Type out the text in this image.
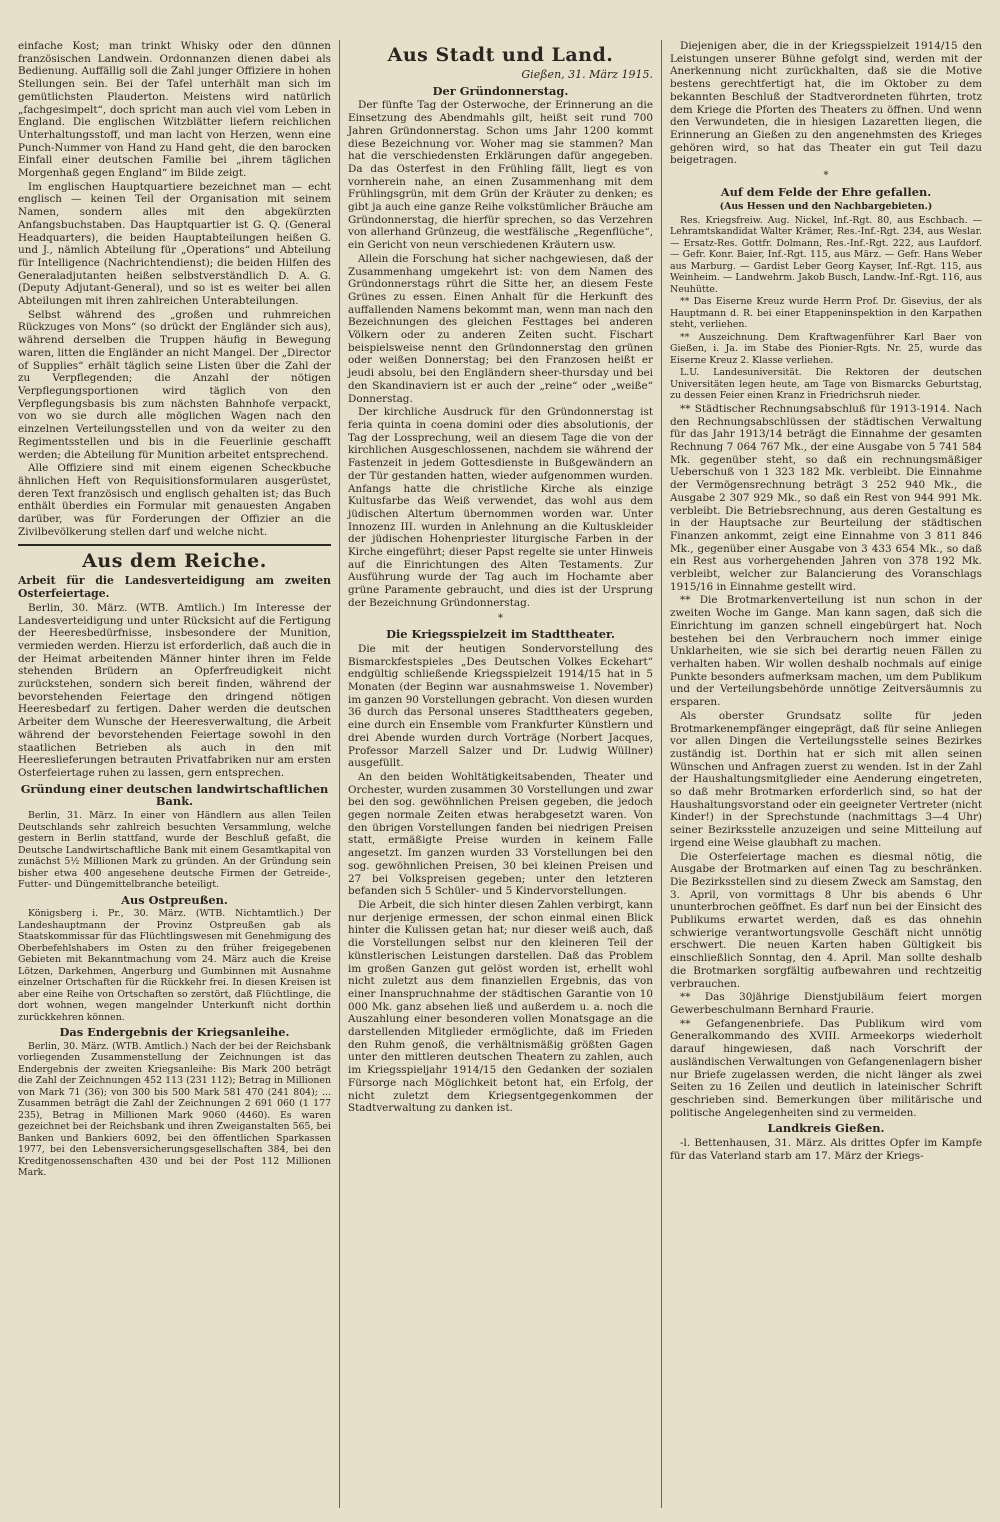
einfache Kost; man trinkt Whisky oder den dünnen französischen Landwein. Ordonnanzen dienen dabei als Bedienung. Auffällig soll die Zahl junger Offiziere in hohen Stellungen sein. Bei der Tafel unterhält man sich im gemütlichsten Plauderton. Meistens wird natürlich „fachgesimpelt“, doch spricht man auch viel vom Leben in England. Die englischen Witzblätter liefern reichlichen Unterhaltungsstoff, und man lacht von Herzen, wenn eine Punch-Nummer von Hand zu Hand geht, die den barocken Einfall einer deutschen Familie bei „ihrem täglichen Morgenhaß gegen England“ im Bilde zeigt.

Im englischen Hauptquartiere bezeichnet man — echt englisch — keinen Teil der Organisation mit seinem Namen, sondern alles mit den abgekürzten Anfangsbuchstaben. Das Hauptquartier ist G. Q. (General Headquarters), die beiden Hauptabteilungen heißen G. und J., nämlich Abteilung für „Operations“ und Abteilung für Intelligence (Nachrichtendienst); die beiden Hilfen des Generaladjutanten heißen selbstverständlich D. A. G. (Deputy Adjutant-General), und so ist es weiter bei allen Abteilungen mit ihren zahlreichen Unterabteilungen.

Selbst während des „großen und ruhmreichen Rückzuges von Mons“ (so drückt der Engländer sich aus), während derselben die Truppen häufig in Bewegung waren, litten die Engländer an nicht Mangel. Der „Director of Supplies“ erhält täglich seine Listen über die Zahl der zu Verpflegenden; die Anzahl der nötigen Verpflegungsportionen wird täglich von den Verpflegungsbasis bis zum nächsten Bahnhofe verpackt, von wo sie durch alle möglichen Wagen nach den einzelnen Verteilungsstellen und von da weiter zu den Regimentsstellen und bis in die Feuerlinie geschafft werden; die Abteilung für Munition arbeitet entsprechend.

Alle Offiziere sind mit einem eigenen Scheckbuche ähnlichen Heft von Requisitionsformularen ausgerüstet, deren Text französisch und englisch gehalten ist; das Buch enthält überdies ein Formular mit genauesten Angaben darüber, was für Forderungen der Offizier an die Zivilbevölkerung stellen darf und welche nicht.

Aus dem Reiche.

Arbeit für die Landesverteidigung am zweiten Osterfeiertage.

Berlin, 30. März. (WTB. Amtlich.) Im Interesse der Landesverteidigung und unter Rücksicht auf die Fertigung der Heeresbedürfnisse, insbesondere der Munition, vermieden werden. Hierzu ist erforderlich, daß auch die in der Heimat arbeitenden Männer hinter ihren im Felde stehenden Brüdern an Opferfreudigkeit nicht zurückstehen, sondern sich bereit finden, während der bevorstehenden Feiertage den dringend nötigen Heeresbedarf zu fertigen. Daher werden die deutschen Arbeiter dem Wunsche der Heeresverwaltung, die Arbeit während der bevorstehenden Feiertage sowohl in den staatlichen Betrieben als auch in den mit Heereslieferungen betrauten Privatfabriken nur am ersten Osterfeiertage ruhen zu lassen, gern entsprechen.

Gründung einer deutschen landwirtschaftlichen Bank.

Berlin, 31. März. In einer von Händlern aus allen Teilen Deutschlands sehr zahlreich besuchten Versammlung, welche gestern in Berlin stattfand, wurde der Beschluß gefaßt, die Deutsche Landwirtschaftliche Bank mit einem Gesamtkapital von zunächst 5½ Millionen Mark zu gründen. An der Gründung sein bisher etwa 400 angesehene deutsche Firmen der Getreide-, Futter- und Düngemittelbranche beteiligt.

Aus Ostpreußen.

Königsberg i. Pr., 30. März. (WTB. Nichtamtlich.) Der Landeshauptmann der Provinz Ostpreußen gab als Staatskommissar für das Flüchtlingswesen mit Genehmigung des Oberbefehlshabers im Osten zu den früher freigegebenen Gebieten mit Bekanntmachung vom 24. März auch die Kreise Lötzen, Darkehmen, Angerburg und Gumbinnen mit Ausnahme einzelner Ortschaften für die Rückkehr frei. In diesen Kreisen ist aber eine Reihe von Ortschaften so zerstört, daß Flüchtlinge, die dort wohnen, wegen mangelnder Unterkunft nicht dorthin zurückkehren können.

Das Endergebnis der Kriegsanleihe.

Berlin, 30. März. (WTB. Amtlich.) Nach der bei der Reichsbank vorliegenden Zusammenstellung der Zeichnungen ist das Endergebnis der zweiten Kriegsanleihe: Bis Mark 200 beträgt die Zahl der Zeichnungen 452 113 (231 112); Betrag in Millionen von Mark 71 (36); von 300 bis 500 Mark 581 470 (241 804); ... Zusammen beträgt die Zahl der Zeichnungen 2 691 060 (1 177 235), Betrag in Millionen Mark 9060 (4460). Es waren gezeichnet bei der Reichsbank und ihren Zweiganstalten 565, bei Banken und Bankiers 6092, bei den öffentlichen Sparkassen 1977, bei den Lebensversicherungsgesellschaften 384, bei den Kreditgenossenschaften 430 und bei der Post 112 Millionen Mark.

Aus Stadt und Land.
Gießen, 31. März 1915.
Der Gründonnerstag.

Der fünfte Tag der Osterwoche, der Erinnerung an die Einsetzung des Abendmahls gilt, heißt seit rund 700 Jahren Gründonnerstag. Schon ums Jahr 1200 kommt diese Bezeichnung vor. Woher mag sie stammen? Man hat die verschiedensten Erklärungen dafür angegeben. Da das Osterfest in den Frühling fällt, liegt es von vornherein nahe, an einen Zusammenhang mit dem Frühlingsgrün, mit dem Grün der Kräuter zu denken; es gibt ja auch eine ganze Reihe volkstümlicher Bräuche am Gründonnerstag, die hierfür sprechen, so das Verzehren von allerhand Grünzeug, die westfälische „Regenflüche“, ein Gericht von neun verschiedenen Kräutern usw.

Allein die Forschung hat sicher nachgewiesen, daß der Zusammenhang umgekehrt ist: von dem Namen des Gründonnerstags rührt die Sitte her, an diesem Feste Grünes zu essen. Einen Anhalt für die Herkunft des auffallenden Namens bekommt man, wenn man nach den Bezeichnungen des gleichen Festtages bei anderen Völkern oder zu anderen Zeiten sucht. Fischart beispielsweise nennt den Gründonnerstag den grünen oder weißen Donnerstag; bei den Franzosen heißt er jeudi absolu, bei den Engländern sheer-thursday und bei den Skandinaviern ist er auch der „reine“ oder „weiße“ Donnerstag.

Der kirchliche Ausdruck für den Gründonnerstag ist feria quinta in coena domini oder dies absolutionis, der Tag der Lossprechung, weil an diesem Tage die von der kirchlichen Ausgeschlossenen, nachdem sie während der Fastenzeit in jedem Gottesdienste in Bußgewändern an der Tür gestanden hatten, wieder aufgenommen wurden. Anfangs hatte die christliche Kirche als einzige Kultusfarbe das Weiß verwendet, das wohl aus dem jüdischen Altertum übernommen worden war. Unter Innozenz III. wurden in Anlehnung an die Kultuskleider der jüdischen Hohenpriester liturgische Farben in der Kirche eingeführt; dieser Papst regelte sie unter Hinweis auf die Einrichtungen des Alten Testaments. Zur Ausführung wurde der Tag auch im Hochamte aber grüne Paramente gebraucht, und dies ist der Ursprung der Bezeichnung Gründonnerstag.

*
Die Kriegsspielzeit im Stadttheater.

Die mit der heutigen Sondervorstellung des Bismarckfestspieles „Des Deutschen Volkes Eckehart“ endgültig schließende Kriegsspielzeit 1914/15 hat in 5 Monaten (der Beginn war ausnahmsweise 1. November) im ganzen 90 Vorstellungen gebracht. Von diesen wurden 36 durch das Personal unseres Stadttheaters gegeben, eine durch ein Ensemble vom Frankfurter Künstlern und drei Abende wurden durch Vorträge (Norbert Jacques, Professor Marzell Salzer und Dr. Ludwig Wüllner) ausgefüllt.

An den beiden Wohltätigkeitsabenden, Theater und Orchester, wurden zusammen 30 Vorstellungen und zwar bei den sog. gewöhnlichen Preisen gegeben, die jedoch gegen normale Zeiten etwas herabgesetzt waren. Von den übrigen Vorstellungen fanden bei niedrigen Preisen statt, ermäßigte Preise wurden in keinem Falle angesetzt. Im ganzen wurden 33 Vorstellungen bei den sog. gewöhnlichen Preisen, 30 bei kleinen Preisen und 27 bei Volkspreisen gegeben; unter den letzteren befanden sich 5 Schüler- und 5 Kindervorstellungen.

Die Arbeit, die sich hinter diesen Zahlen verbirgt, kann nur derjenige ermessen, der schon einmal einen Blick hinter die Kulissen getan hat; nur dieser weiß auch, daß die Vorstellungen selbst nur den kleineren Teil der künstlerischen Leistungen darstellen. Daß das Problem im großen Ganzen gut gelöst worden ist, erhellt wohl nicht zuletzt aus dem finanziellen Ergebnis, das von einer Inanspruchnahme der städtischen Garantie von 10 000 Mk. ganz absehen ließ und außerdem u. a. noch die Auszahlung einer besonderen vollen Monatsgage an die darstellenden Mitglieder ermöglichte, daß im Frieden den Ruhm genoß, die verhältnismäßig größten Gagen unter den mittleren deutschen Theatern zu zahlen, auch im Kriegsspieljahr 1914/15 den Gedanken der sozialen Fürsorge nach Möglichkeit betont hat, ein Erfolg, der nicht zuletzt dem Kriegsentgegenkommen der Stadtverwaltung zu danken ist.

Diejenigen aber, die in der Kriegsspielzeit 1914/15 den Leistungen unserer Bühne gefolgt sind, werden mit der Anerkennung nicht zurückhalten, daß sie die Motive bestens gerechtfertigt hat, die im Oktober zu dem bekannten Beschluß der Stadtverordneten führten, trotz dem Kriege die Pforten des Theaters zu öffnen. Und wenn den Verwundeten, die in hiesigen Lazaretten liegen, die Erinnerung an Gießen zu den angenehmsten des Krieges gehören wird, so hat das Theater ein gut Teil dazu beigetragen.

*
Auf dem Felde der Ehre gefallen.
(Aus Hessen und den Nachbargebieten.)

Res. Kriegsfreiw. Aug. Nickel, Inf.-Rgt. 80, aus Eschbach. — Lehramtskandidat Walter Krämer, Res.-Inf.-Rgt. 234, aus Weslar. — Ersatz-Res. Gottfr. Dolmann, Res.-Inf.-Rgt. 222, aus Laufdorf. — Gefr. Konr. Baier, Inf.-Rgt. 115, aus März. — Gefr. Hans Weber aus Marburg. — Gardist Leber Georg Kayser, Inf.-Rgt. 115, aus Weinheim. — Landwehrm. Jakob Busch, Landw.-Inf.-Rgt. 116, aus Neuhütte.

** Das Eiserne Kreuz wurde Herrn Prof. Dr. Gisevius, der als Hauptmann d. R. bei einer Etappeninspektion in den Karpathen steht, verliehen.

** Auszeichnung. Dem Kraftwagenführer Karl Baer von Gießen, i. Ja. im Stabe des Pionier-Rgts. Nr. 25, wurde das Eiserne Kreuz 2. Klasse verliehen.

L.U. Landesuniversität. Die Rektoren der deutschen Universitäten legen heute, am Tage von Bismarcks Geburtstag, zu dessen Feier einen Kranz in Friedrichsruh nieder.

** Städtischer Rechnungsabschluß für 1913-1914. Nach den Rechnungsabschlüssen der städtischen Verwaltung für das Jahr 1913/14 beträgt die Einnahme der gesamten Rechnung 7 064 767 Mk., der eine Ausgabe von 5 741 584 Mk. gegenüber steht, so daß ein rechnungsmäßiger Ueberschuß von 1 323 182 Mk. verbleibt. Die Einnahme der Vermögensrechnung beträgt 3 252 940 Mk., die Ausgabe 2 307 929 Mk., so daß ein Rest von 944 991 Mk. verbleibt. Die Betriebsrechnung, aus deren Gestaltung es in der Hauptsache zur Beurteilung der städtischen Finanzen ankommt, zeigt eine Einnahme von 3 811 846 Mk., gegenüber einer Ausgabe von 3 433 654 Mk., so daß ein Rest aus vorhergehenden Jahren von 378 192 Mk. verbleibt, welcher zur Balancierung des Voranschlags 1915/16 in Einnahme gestellt wird.

** Die Brotmarkenverteilung ist nun schon in der zweiten Woche im Gange. Man kann sagen, daß sich die Einrichtung im ganzen schnell eingebürgert hat. Noch bestehen bei den Verbrauchern noch immer einige Unklarheiten, wie sie sich bei derartig neuen Fällen zu verhalten haben. Wir wollen deshalb nochmals auf einige Punkte besonders aufmerksam machen, um dem Publikum und der Verteilungsbehörde unnötige Zeitversäumnis zu ersparen.

Als oberster Grundsatz sollte für jeden Brotmarkenempfänger eingeprägt, daß für seine Anliegen vor allen Dingen die Verteilungsstelle seines Bezirkes zuständig ist. Dorthin hat er sich mit allen seinen Wünschen und Anfragen zuerst zu wenden. Ist in der Zahl der Haushaltungsmitglieder eine Aenderung eingetreten, so daß mehr Brotmarken erforderlich sind, so hat der Haushaltungsvorstand oder ein geeigneter Vertreter (nicht Kinder!) in der Sprechstunde (nachmittags 3—4 Uhr) seiner Bezirksstelle anzuzeigen und seine Mitteilung auf irgend eine Weise glaubhaft zu machen.

Die Osterfeiertage machen es diesmal nötig, die Ausgabe der Brotmarken auf einen Tag zu beschränken. Die Bezirksstellen sind zu diesem Zweck am Samstag, den 3. April, von vormittags 8 Uhr bis abends 6 Uhr ununterbrochen geöffnet. Es darf nun bei der Einsicht des Publikums erwartet werden, daß es das ohnehin schwierige verantwortungsvolle Geschäft nicht unnötig erschwert. Die neuen Karten haben Gültigkeit bis einschließlich Sonntag, den 4. April. Man sollte deshalb die Brotmarken sorgfältig aufbewahren und rechtzeitig verbrauchen.

** Das 30jährige Dienstjubiläum feiert morgen Gewerbeschulmann Bernhard Fraurie.

** Gefangenenbriefe. Das Publikum wird vom Generalkommando des XVIII. Armeekorps wiederholt darauf hingewiesen, daß nach Vorschrift der ausländischen Verwaltungen von Gefangenenlagern bisher nur Briefe zugelassen werden, die nicht länger als zwei Seiten zu 16 Zeilen und deutlich in lateinischer Schrift geschrieben sind. Bemerkungen über militärische und politische Angelegenheiten sind zu vermeiden.

Landkreis Gießen.

-l. Bettenhausen, 31. März. Als drittes Opfer im Kampfe für das Vaterland starb am 17. März der Kriegs-
